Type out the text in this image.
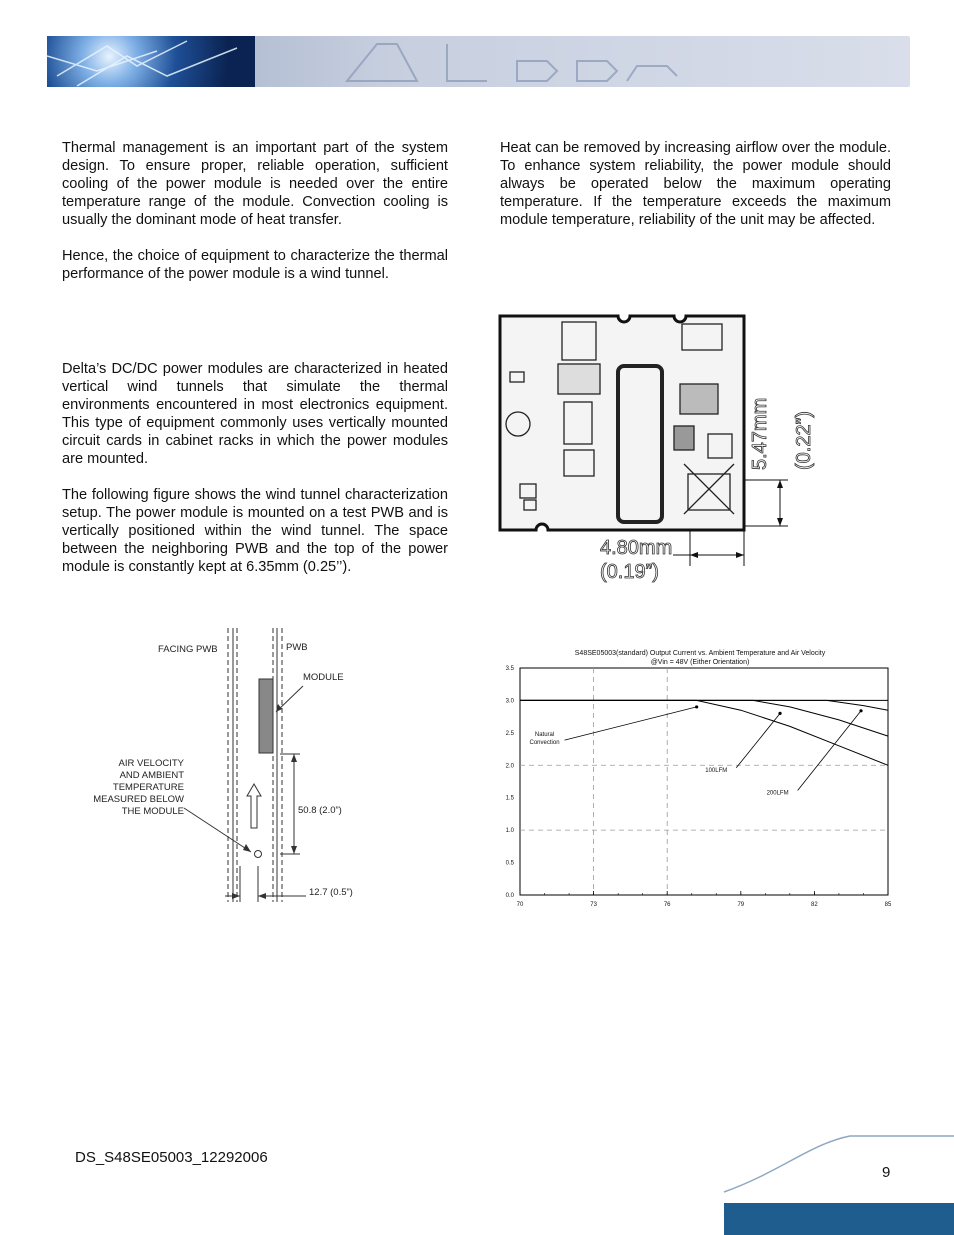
Thermal management is an important part of the system design. To ensure proper, reliable operation, sufficient cooling of the power module is needed over the entire temperature range of the module. Convection cooling is usually the dominant mode of heat transfer.

Hence, the choice of equipment to characterize the thermal performance of the power module is a wind tunnel.

Delta’s DC/DC power modules are characterized in heated vertical wind tunnels that simulate the thermal environments encountered in most electronics equipment. This type of equipment commonly uses vertically mounted circuit cards in cabinet racks in which the power modules are mounted.

The following figure shows the wind tunnel characterization setup. The power module is mounted on a test PWB and is vertically positioned within the wind tunnel. The space between the neighboring PWB and the top of the power module is constantly kept at 6.35mm (0.25’’).

Heat can be removed by increasing airflow over the module. To enhance system reliability, the power module should always be operated below the maximum operating temperature. If the temperature exceeds the maximum module temperature, reliability of the unit may be affected.

5.47mm (0.22”)
4.80mm
(0.19”)
FACING PWB	PWB
MODULE
AIR VELOCITY
AND AMBIENT
TEMPERATURE
MEASURED BELOW
THE MODULE	50.8 (2.0”)
12.7 (0.5”)
S48SE05003(standard) Output Current vs. Ambient Temperature and Air Velocity
@Vin = 48V (Either Orientation)
70	73	76	79	82	85
0.0
0.5
1.0
1.5
2.0
2.5
3.0
3.5
Natural
Convection
100LFM
200LFM
DS_S48SE05003_12292006
9
